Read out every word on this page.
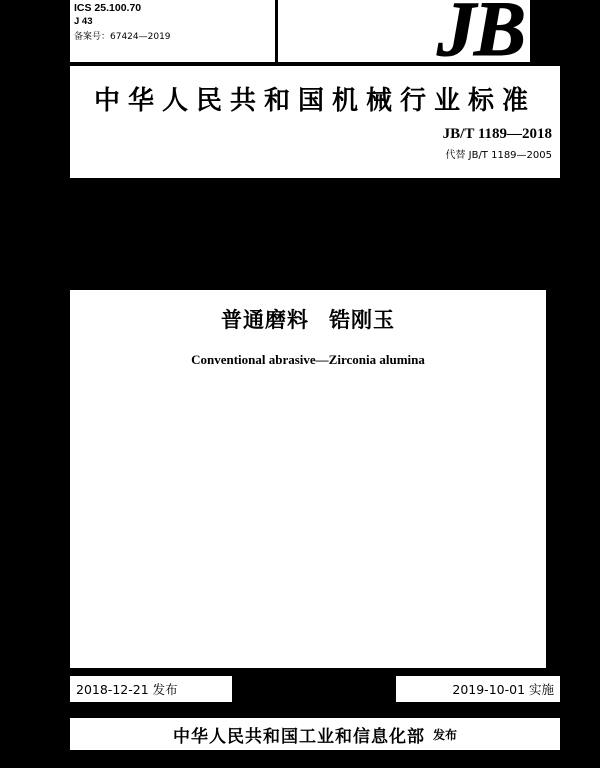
ICS 25.100.70
J 43
备案号：67424—2019	JB
中华人民共和国机械行业标准
JB/T 1189—2018
代替 JB/T 1189—2005
普通磨料 锆刚玉
Conventional abrasive—Zirconia alumina
2018-12-21 发布	2019-10-01 实施
中华人民共和国工业和信息化部 发布
